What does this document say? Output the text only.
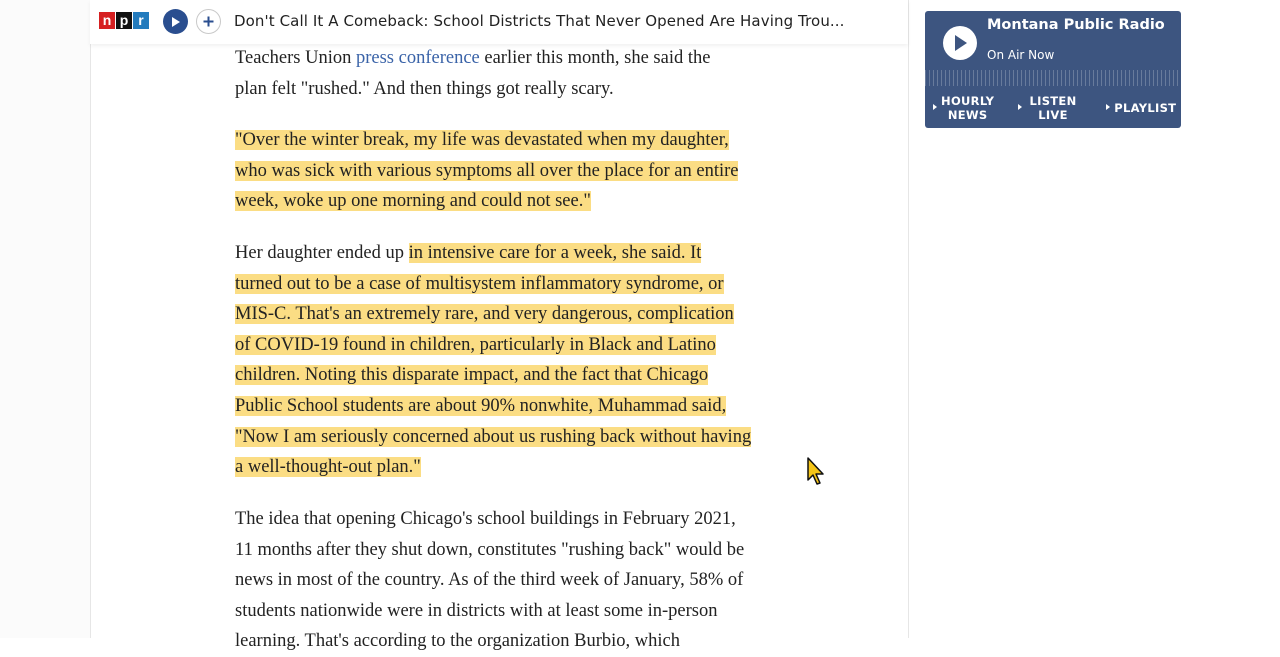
n p r	Don't Call It A Comeback: School Districts That Never Opened Are Having Trou...

Teachers Union press conference earlier this month, she said the
plan felt "rushed." And then things got really scary.

"Over the winter break, my life was devastated when my daughter,
who was sick with various symptoms all over the place for an entire
week, woke up one morning and could not see."

Her daughter ended up in intensive care for a week, she said. It
turned out to be a case of multisystem inflammatory syndrome, or
MIS-C. That's an extremely rare, and very dangerous, complication
of COVID-19 found in children, particularly in Black and Latino
children. Noting this disparate impact, and the fact that Chicago
Public School students are about 90% nonwhite, Muhammad said,
"Now I am seriously concerned about us rushing back without having
a well-thought-out plan."

The idea that opening Chicago's school buildings in February 2021,
11 months after they shut down, constitutes "rushing back" would be
news in most of the country. As of the third week of January, 58% of
students nationwide were in districts with at least some in-person
learning. That's according to the organization Burbio, which

Montana Public Radio
On Air Now
HOURLY
NEWS
LISTEN
LIVE	PLAYLIST
